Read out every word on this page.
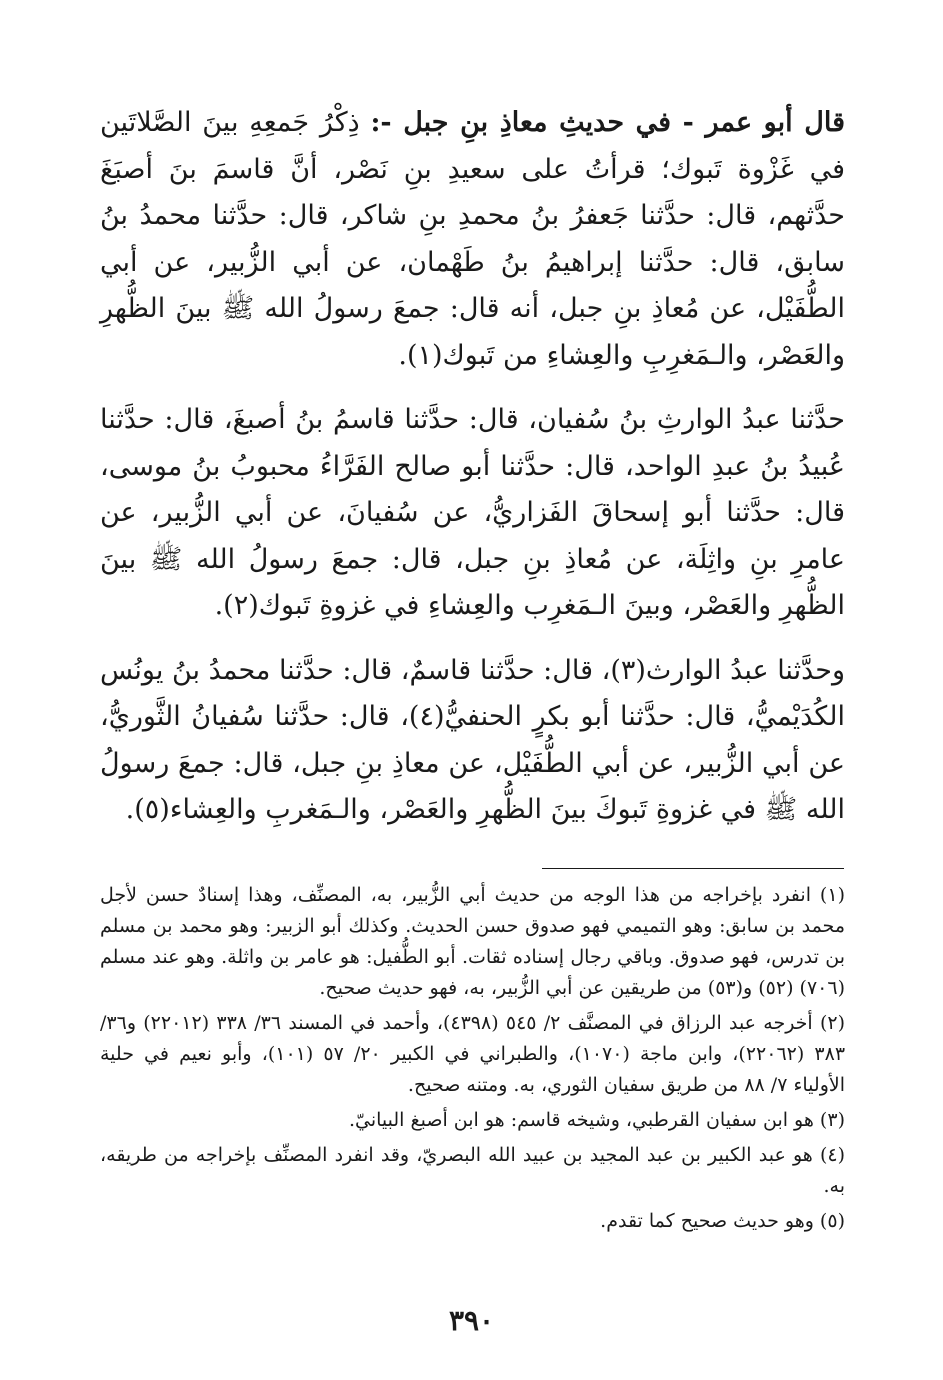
قال أبو عمر - في حديثِ معاذِ بنِ جبل -: ذِكْرُ جَمعِهِ بينَ الصَّلاتَين في غَزْوة تَبوك؛ قرأتُ على سعيدِ بنِ نَصْر، أنَّ قاسمَ بنَ أصبَغَ حدَّثهم، قال: حدَّثنا جَعفرُ بنُ محمدِ بنِ شاكر، قال: حدَّثنا محمدُ بنُ سابق، قال: حدَّثنا إبراهيمُ بنُ طَهْمان، عن أبي الزُّبير، عن أبي الطُّفَيْل، عن مُعاذِ بنِ جبل، أنه قال: جمعَ رسولُ الله ﷺ بينَ الظُّهرِ والعَصْر، والـمَغرِبِ والعِشاءِ من تَبوك(١).

حدَّثنا عبدُ الوارثِ بنُ سُفيان، قال: حدَّثنا قاسمُ بنُ أصبغَ، قال: حدَّثنا عُبيدُ بنُ عبدِ الواحد، قال: حدَّثنا أبو صالح الفَرَّاءُ محبوبُ بنُ موسى، قال: حدَّثنا أبو إسحاقَ الفَزاريُّ، عن سُفيانَ، عن أبي الزُّبير، عن عامرِ بنِ واثِلَة، عن مُعاذِ بنِ جبل، قال: جمعَ رسولُ الله ﷺ بينَ الظُّهرِ والعَصْر، وبينَ الـمَغرِب والعِشاءِ في غزوةِ تَبوك(٢).

وحدَّثنا عبدُ الوارث(٣)، قال: حدَّثنا قاسمٌ، قال: حدَّثنا محمدُ بنُ يونُس الكُدَيْميُّ، قال: حدَّثنا أبو بكرٍ الحنفيُّ(٤)، قال: حدَّثنا سُفيانُ الثَّوريُّ، عن أبي الزُّبير، عن أبي الطُّفَيْل، عن معاذِ بنِ جبل، قال: جمعَ رسولُ الله ﷺ في غزوةِ تَبوكَ بينَ الظُّهرِ والعَصْر، والـمَغربِ والعِشاء(٥).

(١) انفرد بإخراجه من هذا الوجه من حديث أبي الزُّبير، به، المصنِّف، وهذا إسنادٌ حسن لأجل محمد بن سابق: وهو التميمي فهو صدوق حسن الحديث. وكذلك أبو الزبير: وهو محمد بن مسلم بن تدرس، فهو صدوق. وباقي رجال إسناده ثقات. أبو الطُّفيل: هو عامر بن واثلة. وهو عند مسلم (٧٠٦) (٥٢) و(٥٣) من طريقين عن أبي الزُّبير، به، فهو حديث صحيح.

(٢) أخرجه عبد الرزاق في المصنَّف ٢/ ٥٤٥ (٤٣٩٨)، وأحمد في المسند ٣٦/ ٣٣٨ (٢٢٠١٢) و٣٦/ ٣٨٣ (٢٢٠٦٢)، وابن ماجة (١٠٧٠)، والطبراني في الكبير ٢٠/ ٥٧ (١٠١)، وأبو نعيم في حلية الأولياء ٧/ ٨٨ من طريق سفيان الثوري، به. ومتنه صحيح.

(٣) هو ابن سفيان القرطبي، وشيخه قاسم: هو ابن أصبغ البيانيّ.

(٤) هو عبد الكبير بن عبد المجيد بن عبيد الله البصريّ، وقد انفرد المصنِّف بإخراجه من طريقه، به.

(٥) وهو حديث صحيح كما تقدم.

٣٩٠
